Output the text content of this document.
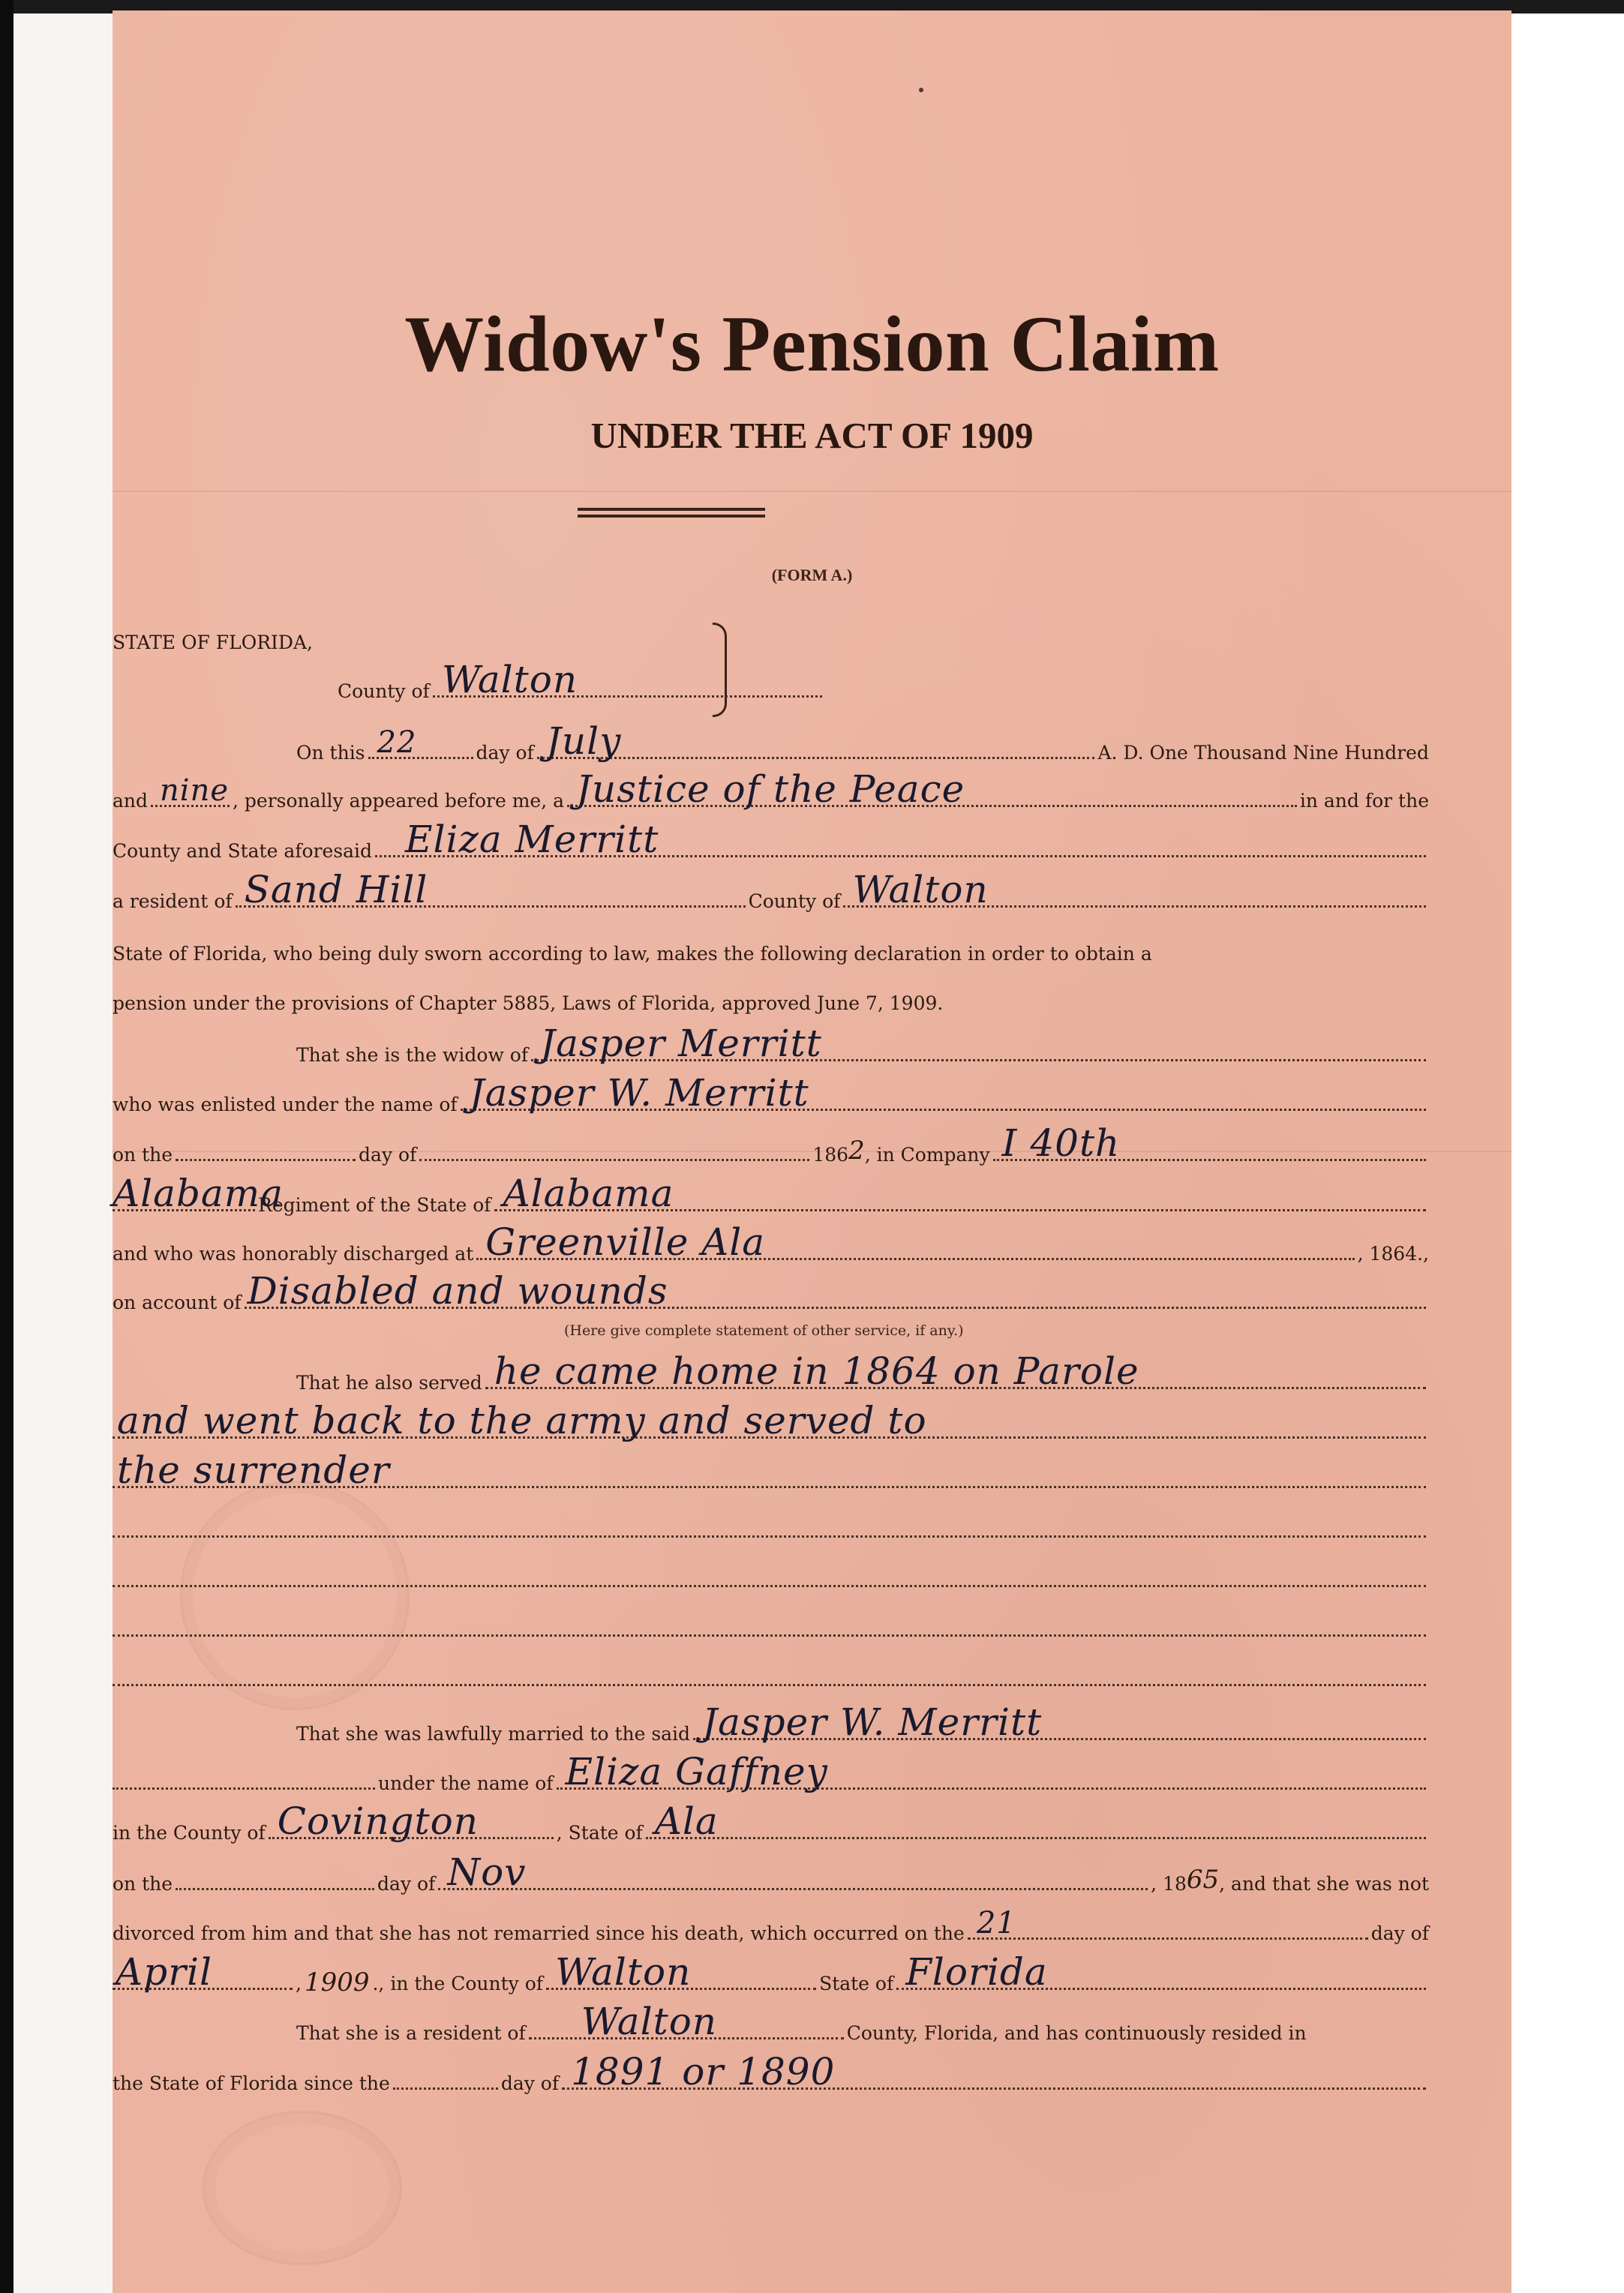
Widow's Pension Claim
UNDER THE ACT OF 1909
(FORM A.)
STATE OF FLORIDA,
County of Walton
On this 22	day of July	A. D. One Thousand Nine Hundred
and nine , personally appeared before me, a Justice of the Peace	in and for the
County and State aforesaid Eliza Merritt
a resident of Sand Hill	County of Walton
State of Florida, who being duly sworn according to law, makes the following declaration in order to obtain a
pension under the provisions of Chapter 5885, Laws of Florida, approved June 7, 1909.
That she is the widow of Jasper Merritt
who was enlisted under the name of Jasper W. Merritt
on the	day of	186 2 , in Company I 40th
Alabama
Regiment of the State of Alabama
and who was honorably discharged at Greenville Ala	, 1864.,
on account of Disabled and wounds
(Here give complete statement of other service, if any.)
That he also served he came home in 1864 on Parole
and went back to the army and served to
the surrender
That she was lawfully married to the said Jasper W. Merritt
under the name of Eliza Gaffney
in the County of Covington	, State of Ala
on the	day of Nov	, 18 65 , and that she was not
divorced from him and that she has not remarried since his death, which occurred on the 21	day of
April	, 1909 ., in the County of Walton	State of Florida
That she is a resident of Walton	County, Florida, and has continuously resided in
the State of Florida since the	day of 1891 or 1890
